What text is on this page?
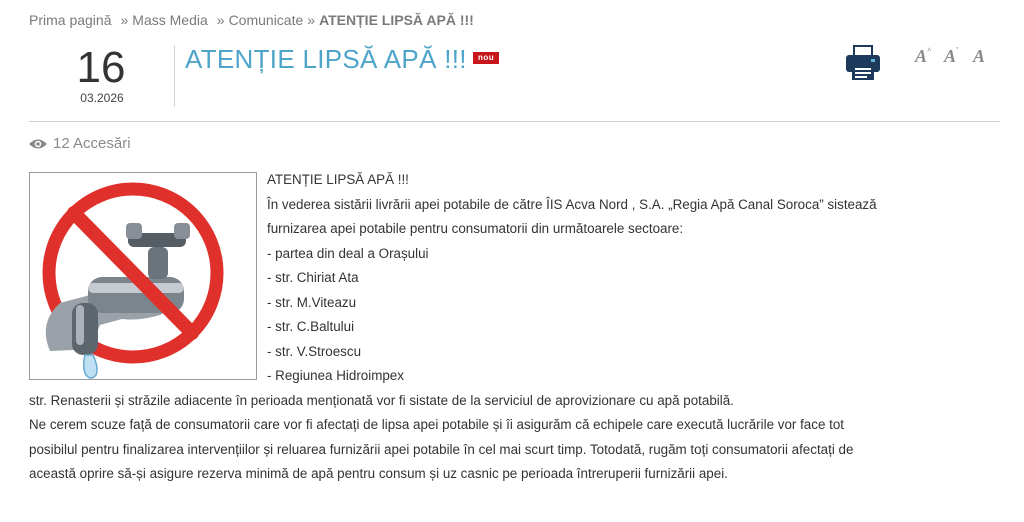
Prima pagină » Mass Media » Comunicate » ATENȚIE LIPSĂ APĂ !!!
16
03.2026
ATENȚIE LIPSĂ APĂ !!!	nou	A ^ A ˇ A
12 Accesări

ATENȚIE LIPSĂ APĂ !!!

În vederea sistării livrării apei potabile de către ÎIS Acva Nord , S.A. „Regia Apă Canal Soroca” sistează

furnizarea apei potabile pentru consumatorii din următoarele sectoare:

- partea din deal a Orașului

- str. Chiriat Ata

- str. M.Viteazu

- str. C.Baltului

- str. V.Stroescu

- Regiunea Hidroimpex

str. Renasterii și străzile adiacente în perioada menționată vor fi sistate de la serviciul de aprovizionare cu apă potabilă.

Ne cerem scuze față de consumatorii care vor fi afectați de lipsa apei potabile și îi asigurăm că echipele care execută lucrările vor face tot

posibilul pentru finalizarea intervențiilor și reluarea furnizării apei potabile în cel mai scurt timp. Totodată, rugăm toți consumatorii afectați de

această oprire să-și asigure rezerva minimă de apă pentru consum și uz casnic pe perioada întreruperii furnizării apei.
